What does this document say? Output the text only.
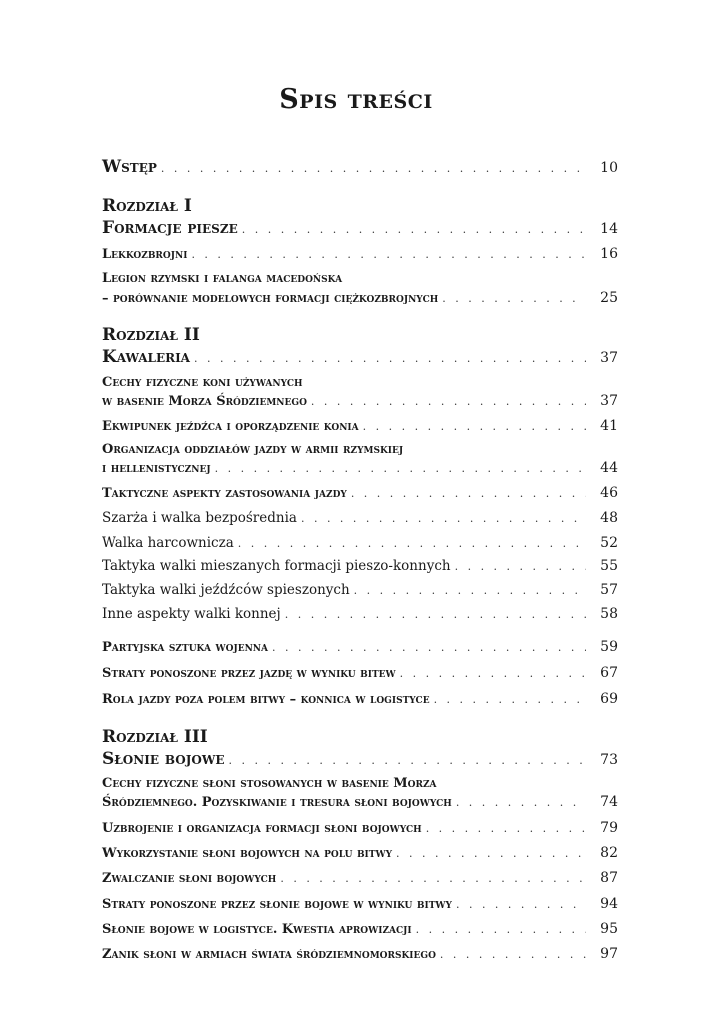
Spis treści
Wstęp . . .	10
Rozdział I
Formacje piesze . . .	14
Lekkozbrojni . . .	16
Legion rzymski i falanga macedońska
– porównanie modelowych formacji ciężkozbrojnych . . .	25
Rozdział II
Kawaleria . . .	37
Cechy fizyczne koni używanych
w basenie Morza Śródziemnego . . .	37
Ekwipunek jeźdźca i oporządzenie konia . . .	41
Organizacja oddziałów jazdy w armii rzymskiej
i hellenistycznej . . .	44
Taktyczne aspekty zastosowania jazdy . . .	46
Szarża i walka bezpośrednia . . .	48
Walka harcownicza . . .	52
Taktyka walki mieszanych formacji pieszo-konnych . . .	55
Taktyka walki jeźdźców spieszonych . . .	57
Inne aspekty walki konnej . . .	58
Partyjska sztuka wojenna . . .	59
Straty ponoszone przez jazdę w wyniku bitew . . .	67
Rola jazdy poza polem bitwy – konnica w logistyce . . .	69
Rozdział III
Słonie bojowe . . .	73
Cechy fizyczne słoni stosowanych w basenie Morza
Śródziemnego. Pozyskiwanie i tresura słoni bojowych . . .	74
Uzbrojenie i organizacja formacji słoni bojowych . . .	79
Wykorzystanie słoni bojowych na polu bitwy . . .	82
Zwalczanie słoni bojowych . . .	87
Straty ponoszone przez słonie bojowe w wyniku bitwy . . .	94
Słonie bojowe w logistyce. Kwestia aprowizacji . . .	95
Zanik słoni w armiach świata śródziemnomorskiego . . .	97
